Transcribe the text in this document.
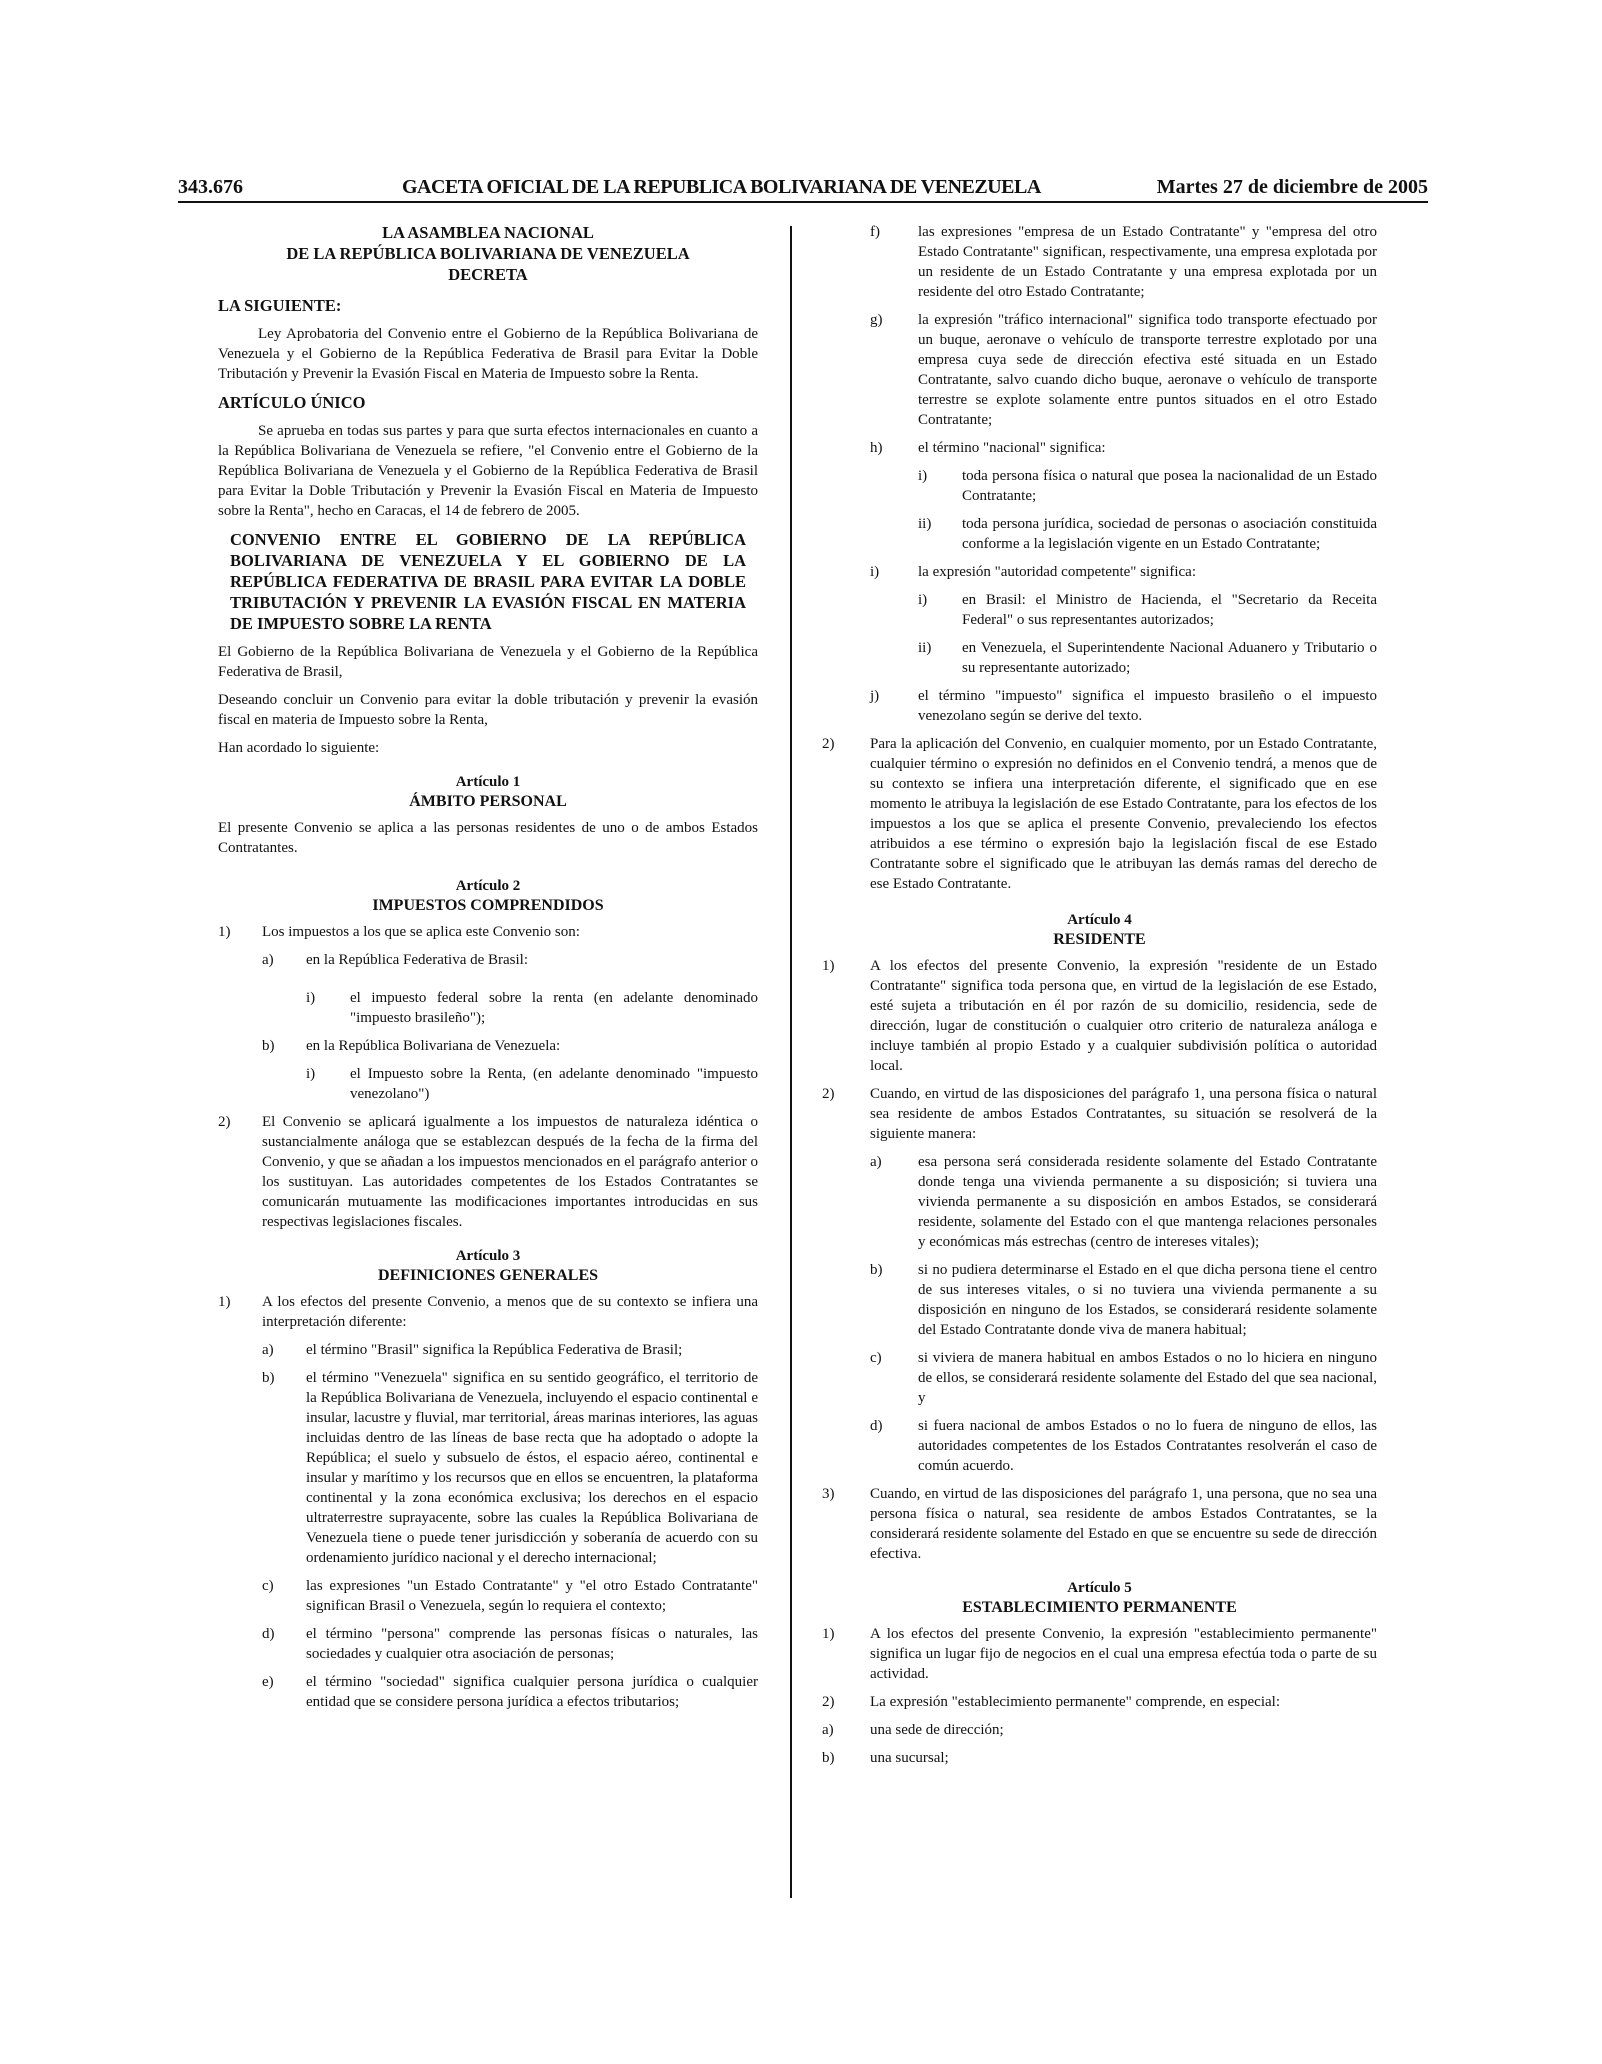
343.676	GACETA OFICIAL DE LA REPUBLICA BOLIVARIANA DE VENEZUELA	Martes 27 de diciembre de 2005
LA ASAMBLEA NACIONAL
DE LA REPÚBLICA BOLIVARIANA DE VENEZUELA
DECRETA

LA SIGUIENTE:

Ley Aprobatoria del Convenio entre el Gobierno de la República Bolivariana de Venezuela y el Gobierno de la República Federativa de Brasil para Evitar la Doble Tributación y Prevenir la Evasión Fiscal en Materia de Impuesto sobre la Renta.

ARTÍCULO ÚNICO

Se aprueba en todas sus partes y para que surta efectos internacionales en cuanto a la República Bolivariana de Venezuela se refiere, "el Convenio entre el Gobierno de la República Bolivariana de Venezuela y el Gobierno de la República Federativa de Brasil para Evitar la Doble Tributación y Prevenir la Evasión Fiscal en Materia de Impuesto sobre la Renta", hecho en Caracas, el 14 de febrero de 2005.

CONVENIO ENTRE EL GOBIERNO DE LA REPÚBLICA BOLIVARIANA DE VENEZUELA Y EL GOBIERNO DE LA REPÚBLICA FEDERATIVA DE BRASIL PARA EVITAR LA DOBLE TRIBUTACIÓN Y PREVENIR LA EVASIÓN FISCAL EN MATERIA DE IMPUESTO SOBRE LA RENTA

El Gobierno de la República Bolivariana de Venezuela y el Gobierno de la República Federativa de Brasil,

Deseando concluir un Convenio para evitar la doble tributación y prevenir la evasión fiscal en materia de Impuesto sobre la Renta,

Han acordado lo siguiente:

Artículo 1
ÁMBITO PERSONAL

El presente Convenio se aplica a las personas residentes de uno o de ambos Estados Contratantes.

Artículo 2
IMPUESTOS COMPRENDIDOS
1)	Los impuestos a los que se aplica este Convenio son:
a)	en la República Federativa de Brasil:
i)	el impuesto federal sobre la renta (en adelante denominado "impuesto brasileño");
b)	en la República Bolivariana de Venezuela:
i)	el Impuesto sobre la Renta, (en adelante denominado "impuesto venezolano")
2)	El Convenio se aplicará igualmente a los impuestos de naturaleza idéntica o sustancialmente análoga que se establezcan después de la fecha de la firma del Convenio, y que se añadan a los impuestos mencionados en el parágrafo anterior o los sustituyan. Las autoridades competentes de los Estados Contratantes se comunicarán mutuamente las modificaciones importantes introducidas en sus respectivas legislaciones fiscales.
Artículo 3
DEFINICIONES GENERALES
1)	A los efectos del presente Convenio, a menos que de su contexto se infiera una interpretación diferente:
a)	el término "Brasil" significa la República Federativa de Brasil;
b)	el término "Venezuela" significa en su sentido geográfico, el territorio de la República Bolivariana de Venezuela, incluyendo el espacio continental e insular, lacustre y fluvial, mar territorial, áreas marinas interiores, las aguas incluidas dentro de las líneas de base recta que ha adoptado o adopte la República; el suelo y subsuelo de éstos, el espacio aéreo, continental e insular y marítimo y los recursos que en ellos se encuentren, la plataforma continental y la zona económica exclusiva; los derechos en el espacio ultraterrestre suprayacente, sobre las cuales la República Bolivariana de Venezuela tiene o puede tener jurisdicción y soberanía de acuerdo con su ordenamiento jurídico nacional y el derecho internacional;
c)	las expresiones "un Estado Contratante" y "el otro Estado Contratante" significan Brasil o Venezuela, según lo requiera el contexto;
d)	el término "persona" comprende las personas físicas o naturales, las sociedades y cualquier otra asociación de personas;
e)	el término "sociedad" significa cualquier persona jurídica o cualquier entidad que se considere persona jurídica a efectos tributarios;
f)	las expresiones "empresa de un Estado Contratante" y "empresa del otro Estado Contratante" significan, respectivamente, una empresa explotada por un residente de un Estado Contratante y una empresa explotada por un residente del otro Estado Contratante;
g)	la expresión "tráfico internacional" significa todo transporte efectuado por un buque, aeronave o vehículo de transporte terrestre explotado por una empresa cuya sede de dirección efectiva esté situada en un Estado Contratante, salvo cuando dicho buque, aeronave o vehículo de transporte terrestre se explote solamente entre puntos situados en el otro Estado Contratante;
h)	el término "nacional" significa:
i)	toda persona física o natural que posea la nacionalidad de un Estado Contratante;
ii)	toda persona jurídica, sociedad de personas o asociación constituida conforme a la legislación vigente en un Estado Contratante;
i)	la expresión "autoridad competente" significa:
i)	en Brasil: el Ministro de Hacienda, el "Secretario da Receita Federal" o sus representantes autorizados;
ii)	en Venezuela, el Superintendente Nacional Aduanero y Tributario o su representante autorizado;
j)	el término "impuesto" significa el impuesto brasileño o el impuesto venezolano según se derive del texto.
2)	Para la aplicación del Convenio, en cualquier momento, por un Estado Contratante, cualquier término o expresión no definidos en el Convenio tendrá, a menos que de su contexto se infiera una interpretación diferente, el significado que en ese momento le atribuya la legislación de ese Estado Contratante, para los efectos de los impuestos a los que se aplica el presente Convenio, prevaleciendo los efectos atribuidos a ese término o expresión bajo la legislación fiscal de ese Estado Contratante sobre el significado que le atribuyan las demás ramas del derecho de ese Estado Contratante.
Artículo 4
RESIDENTE
1)	A los efectos del presente Convenio, la expresión "residente de un Estado Contratante" significa toda persona que, en virtud de la legislación de ese Estado, esté sujeta a tributación en él por razón de su domicilio, residencia, sede de dirección, lugar de constitución o cualquier otro criterio de naturaleza análoga e incluye también al propio Estado y a cualquier subdivisión política o autoridad local.
2)	Cuando, en virtud de las disposiciones del parágrafo 1, una persona física o natural sea residente de ambos Estados Contratantes, su situación se resolverá de la siguiente manera:
a)	esa persona será considerada residente solamente del Estado Contratante donde tenga una vivienda permanente a su disposición; si tuviera una vivienda permanente a su disposición en ambos Estados, se considerará residente, solamente del Estado con el que mantenga relaciones personales y económicas más estrechas (centro de intereses vitales);
b)	si no pudiera determinarse el Estado en el que dicha persona tiene el centro de sus intereses vitales, o si no tuviera una vivienda permanente a su disposición en ninguno de los Estados, se considerará residente solamente del Estado Contratante donde viva de manera habitual;
c)	si viviera de manera habitual en ambos Estados o no lo hiciera en ninguno de ellos, se considerará residente solamente del Estado del que sea nacional, y
d)	si fuera nacional de ambos Estados o no lo fuera de ninguno de ellos, las autoridades competentes de los Estados Contratantes resolverán el caso de común acuerdo.
3)	Cuando, en virtud de las disposiciones del parágrafo 1, una persona, que no sea una persona física o natural, sea residente de ambos Estados Contratantes, se la considerará residente solamente del Estado en que se encuentre su sede de dirección efectiva.
Artículo 5
ESTABLECIMIENTO PERMANENTE
1)	A los efectos del presente Convenio, la expresión "establecimiento permanente" significa un lugar fijo de negocios en el cual una empresa efectúa toda o parte de su actividad.
2)	La expresión "establecimiento permanente" comprende, en especial:
a)	una sede de dirección;
b)	una sucursal;
